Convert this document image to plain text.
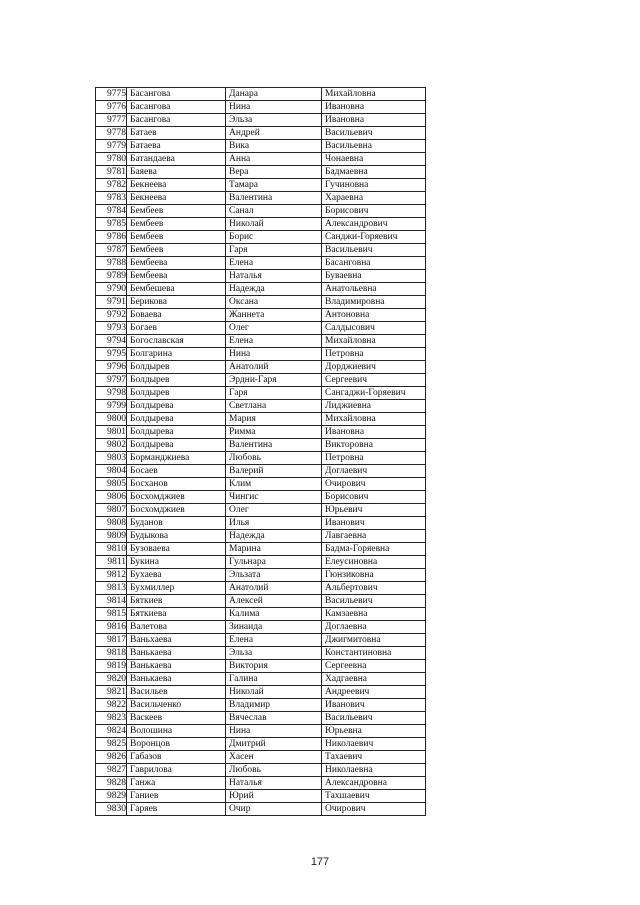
9775	Басангова	Данара	Михайловна
9776	Басангова	Нина	Ивановна
9777	Басангова	Эльза	Ивановна
9778	Батаев	Андрей	Васильевич
9779	Батаева	Вика	Васильевна
9780	Батандаева	Анна	Чонаевна
9781	Баяева	Вера	Бадмаевна
9782	Бекнеева	Тамара	Гучиновна
9783	Бекнеева	Валентина	Хараевна
9784	Бембеев	Санал	Борисович
9785	Бембеев	Николай	Александрович
9786	Бембеев	Борис	Санджи-Горяевич
9787	Бембеев	Гаря	Васильевич
9788	Бембеева	Елена	Басанговна
9789	Бембеева	Наталья	Буваевна
9790	Бембешева	Надежда	Анатольевна
9791	Берикова	Оксана	Владимировна
9792	Боваева	Жаннета	Антоновна
9793	Богаев	Олег	Салдысович
9794	Богославская	Елена	Михайловна
9795	Болгарина	Нина	Петровна
9796	Болдырев	Анатолий	Дорджиевич
9797	Болдырев	Эрдни-Гаря	Сергеевич
9798	Болдырев	Гаря	Сангаджи-Горяевич
9799	Болдырева	Светлана	Лиджиевна
9800	Болдырева	Мария	Михайловна
9801	Болдырева	Римма	Ивановна
9802	Болдырева	Валентина	Викторовна
9803	Борманджиева	Любовь	Петровна
9804	Босаев	Валерий	Доглаевич
9805	Босханов	Клим	Очирович
9806	Босхомджиев	Чингис	Борисович
9807	Босхомджиев	Олег	Юрьевич
9808	Буданов	Илья	Иванович
9809	Будыкова	Надежда	Лавгаевна
9810	Бузоваева	Марина	Бадма-Горяевна
9811	Букина	Гульнара	Елеусиновна
9812	Бухаева	Эльзата	Гюнзиковна
9813	Бухмиллер	Анатолий	Альбертович
9814	Бяткиев	Алексей	Васильевич
9815	Бяткиева	Калима	Камзаевна
9816	Валетова	Зинаида	Доглаевна
9817	Ваньхаева	Елена	Джигмитовна
9818	Ванькаева	Эльза	Константиновна
9819	Ванькаева	Виктория	Сергеевна
9820	Ванькаева	Галина	Хадгаевна
9821	Васильев	Николай	Андреевич
9822	Васильченко	Владимир	Иванович
9823	Васкеев	Вячеслав	Васильевич
9824	Волошина	Нина	Юрьевна
9825	Воронцов	Дмитрий	Николаевич
9826	Габазов	Хасен	Тахаевич
9827	Гаврилова	Любовь	Николаевна
9828	Ганжа	Наталья	Александровна
9829	Ганиев	Юрий	Тахшаевич
9830	Гаряев	Очир	Очирович
177
